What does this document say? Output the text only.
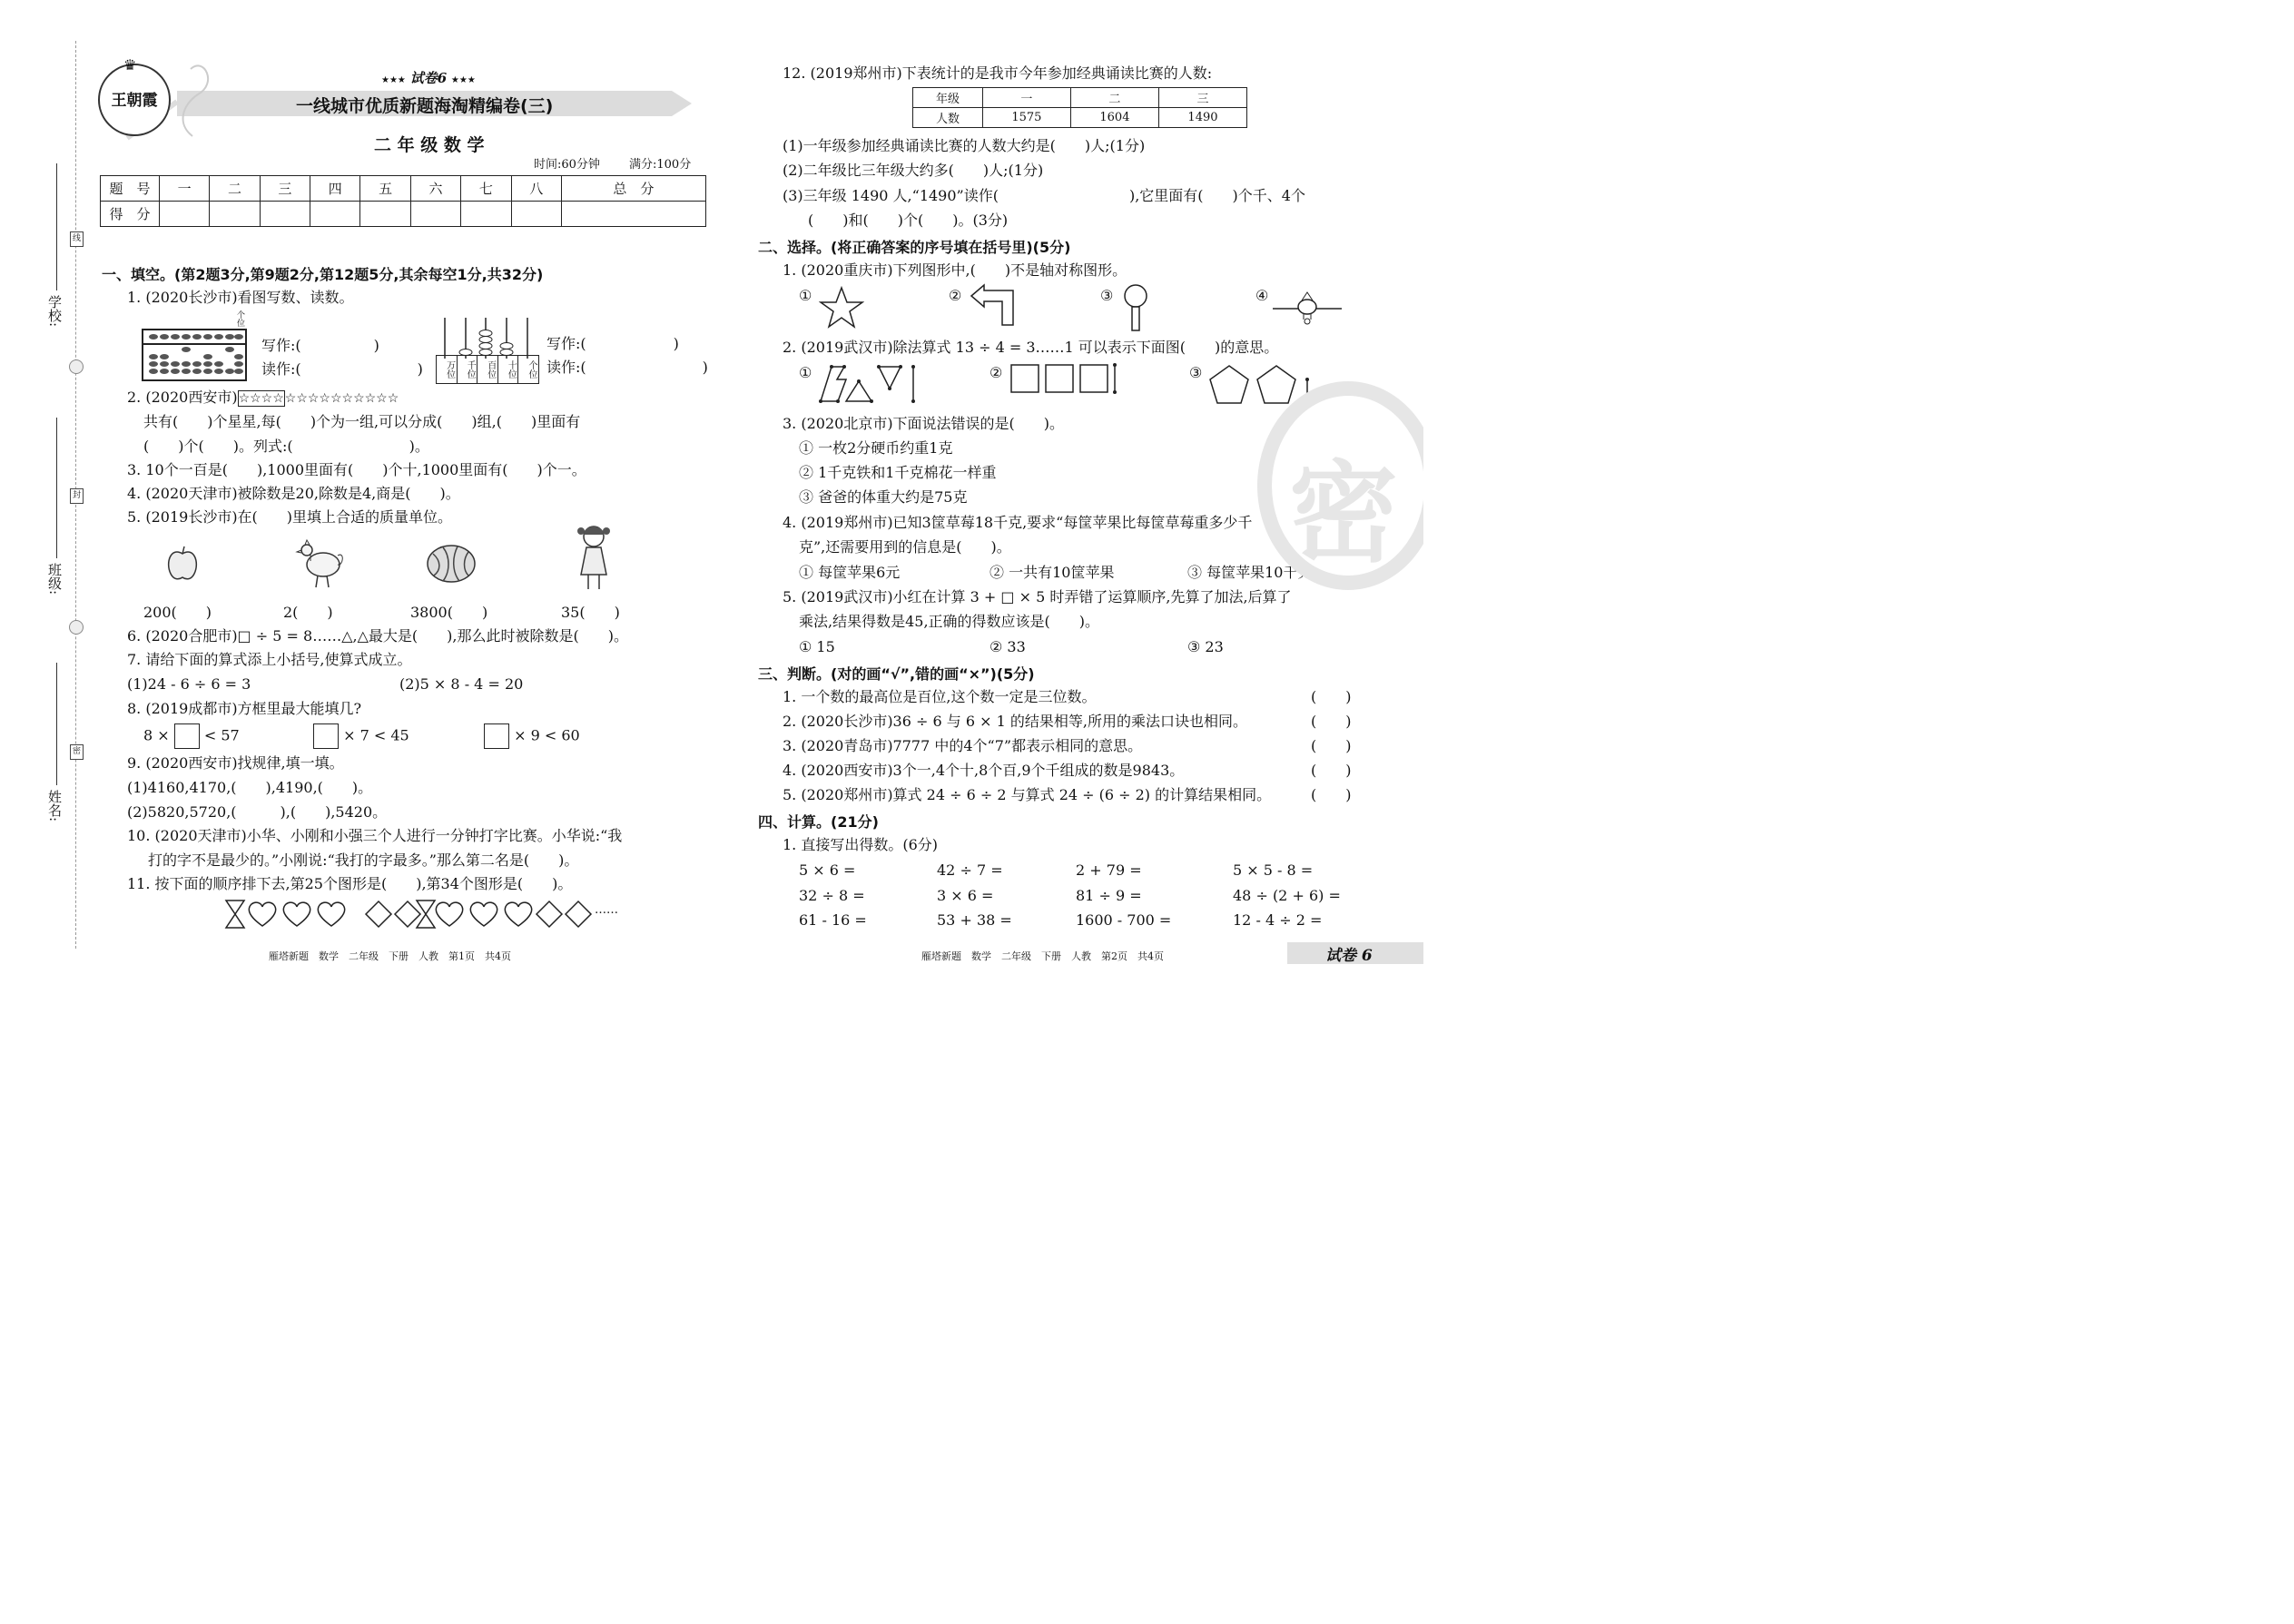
学校:
班级:
姓名:
线
封
密
♛
王朝霞
★★★ 试卷6 ★★★
一线城市优质新题海淘精编卷(三)
二 年 级 数 学
时间:60分钟 满分:100分
题　号	一	二	三	四	五	六	七	八	总　分
得　分									
一、填空。(第2题3分,第9题2分,第12题5分,其余每空1分,共32分)
1. (2020长沙市)看图写数、读数。
个位
写作:(　　　　　)
读作:(　　　　　　　　)	万位	千位	百位	十位	个位
写作:(　　　　　　)
读作:(　　　　　　　　)
2. (2020西安市)☆☆☆☆☆☆☆☆☆☆☆☆☆☆
共有(　　)个星星,每(　　)个为一组,可以分成(　　)组,(　　)里面有
(　　)个(　　)。列式:(　　　　　　　　)。
3. 10个一百是(　　),1000里面有(　　)个十,1000里面有(　　)个一。
4. (2020天津市)被除数是20,除数是4,商是(　　)。
5. (2019长沙市)在(　　)里填上合适的质量单位。
200(　　)	2(　　)	3800(　　)	35(　　)
6. (2020合肥市)□ ÷ 5 = 8……△,△最大是(　　),那么此时被除数是(　　)。
7. 请给下面的算式添上小括号,使算式成立。
(1)24 - 6 ÷ 6 = 3	(2)5 × 8 - 4 = 20
8. (2019成都市)方框里最大能填几?
8 × < 57	× 7 < 45	× 9 < 60
9. (2020西安市)找规律,填一填。
(1)4160,4170,(　　),4190,(　　)。
(2)5820,5720,(　　　),(　　),5420。
10. (2020天津市)小华、小刚和小强三个人进行一分钟打字比赛。小华说:“我
打的字不是最少的。”小刚说:“我打的字最多。”那么第二名是(　　)。
11. 按下面的顺序排下去,第25个图形是(　　),第34个图形是(　　)。
……
雁塔新题　数学　二年级　下册　人教　第1页　共4页
12. (2019郑州市)下表统计的是我市今年参加经典诵读比赛的人数:
年级	一	二	三
人数	1575	1604	1490
(1)一年级参加经典诵读比赛的人数大约是(　　)人;(1分)
(2)二年级比三年级大约多(　　)人;(1分)
(3)三年级 1490 人,“1490”读作(　　　　　　　　　),它里面有(　　)个千、4个
(　　)和(　　)个(　　)。(3分)
二、选择。(将正确答案的序号填在括号里)(5分)
1. (2020重庆市)下列图形中,(　　)不是轴对称图形。
①	②	③	④
2. (2019武汉市)除法算式 13 ÷ 4 = 3……1 可以表示下面图(　　)的意思。
①	②	③
3. (2020北京市)下面说法错误的是(　　)。
① 一枚2分硬币约重1克
② 1千克铁和1千克棉花一样重
③ 爸爸的体重大约是75克
4. (2019郑州市)已知3筐草莓18千克,要求“每筐苹果比每筐草莓重多少千
克”,还需要用到的信息是(　　)。
① 每筐苹果6元	② 一共有10筐苹果	③ 每筐苹果10千克
5. (2019武汉市)小红在计算 3 + □ × 5 时弄错了运算顺序,先算了加法,后算了
乘法,结果得数是45,正确的得数应该是(　　)。
① 15	② 33	③ 23
三、判断。(对的画“√”,错的画“×”)(5分)
1. 一个数的最高位是百位,这个数一定是三位数。
2. (2020长沙市)36 ÷ 6 与 6 × 1 的结果相等,所用的乘法口诀也相同。
3. (2020青岛市)7777 中的4个“7”都表示相同的意思。
4. (2020西安市)3个一,4个十,8个百,9个千组成的数是9843。
5. (2020郑州市)算式 24 ÷ 6 ÷ 2 与算式 24 ÷ (6 ÷ 2) 的计算结果相同。
(　　)
(　　)
(　　)
(　　)
(　　)
四、计算。(21分)
1. 直接写出得数。(6分)
5 × 6 =	42 ÷ 7 =	2 + 79 =	5 × 5 - 8 =
32 ÷ 8 =	3 × 6 =	81 ÷ 9 =	48 ÷ (2 + 6) =
61 - 16 =	53 + 38 =	1600 - 700 =	12 - 4 ÷ 2 =
雁塔新题　数学　二年级　下册　人教　第2页　共4页	试卷 6
密
